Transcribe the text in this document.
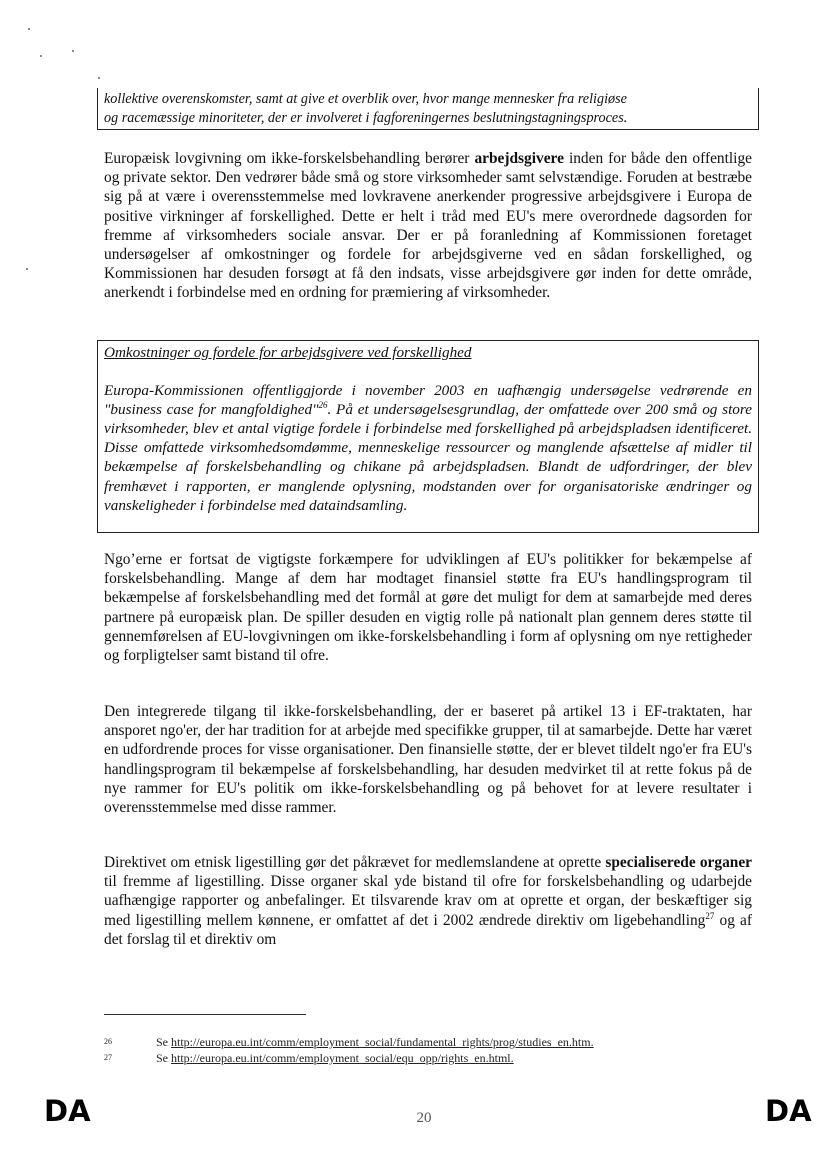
kollektive overenskomster, samt at give et overblik over, hvor mange mennesker fra religiøse
og racemæssige minoriteter, der er involveret i fagforeningernes beslutningstagningsproces.

Europæisk lovgivning om ikke-forskelsbehandling berører arbejdsgivere inden for både den offentlige og private sektor. Den vedrører både små og store virksomheder samt selvstændige. Foruden at bestræbe sig på at være i overensstemmelse med lovkravene anerkender progressive arbejdsgivere i Europa de positive virkninger af forskellighed. Dette er helt i tråd med EU's mere overordnede dagsorden for fremme af virksomheders sociale ansvar. Der er på foranledning af Kommissionen foretaget undersøgelser af omkostninger og fordele for arbejdsgiverne ved en sådan forskellighed, og Kommissionen har desuden forsøgt at få den indsats, visse arbejdsgivere gør inden for dette område, anerkendt i forbindelse med en ordning for præmiering af virksomheder.

Omkostninger og fordele for arbejdsgivere ved forskellighed
Europa-Kommissionen offentliggjorde i november 2003 en uafhængig undersøgelse vedrørende en "business case for mangfoldighed"$^{26}$. På et undersøgelsesgrundlag, der omfattede over 200 små og store virksomheder, blev et antal vigtige fordele i forbindelse med forskellighed på arbejdspladsen identificeret. Disse omfattede virksomhedsomdømme, menneskelige ressourcer og manglende afsættelse af midler til bekæmpelse af forskelsbehandling og chikane på arbejdspladsen. Blandt de udfordringer, der blev fremhævet i rapporten, er manglende oplysning, modstanden over for organisatoriske ændringer og vanskeligheder i forbindelse med dataindsamling.

Ngo’erne er fortsat de vigtigste forkæmpere for udviklingen af EU's politikker for bekæmpelse af forskelsbehandling. Mange af dem har modtaget finansiel støtte fra EU's handlingsprogram til bekæmpelse af forskelsbehandling med det formål at gøre det muligt for dem at samarbejde med deres partnere på europæisk plan. De spiller desuden en vigtig rolle på nationalt plan gennem deres støtte til gennemførelsen af EU-lovgivningen om ikke-forskelsbehandling i form af oplysning om nye rettigheder og forpligtelser samt bistand til ofre.

Den integrerede tilgang til ikke-forskelsbehandling, der er baseret på artikel 13 i EF-traktaten, har ansporet ngo'er, der har tradition for at arbejde med specifikke grupper, til at samarbejde. Dette har været en udfordrende proces for visse organisationer. Den finansielle støtte, der er blevet tildelt ngo'er fra EU's handlingsprogram til bekæmpelse af forskelsbehandling, har desuden medvirket til at rette fokus på de nye rammer for EU's politik om ikke-forskelsbehandling og på behovet for at levere resultater i overensstemmelse med disse rammer.

Direktivet om etnisk ligestilling gør det påkrævet for medlemslandene at oprette specialiserede organer til fremme af ligestilling. Disse organer skal yde bistand til ofre for forskelsbehandling og udarbejde uafhængige rapporter og anbefalinger. Et tilsvarende krav om at oprette et organ, der beskæftiger sig med ligestilling mellem kønnene, er omfattet af det i 2002 ændrede direktiv om ligebehandling$^{27}$ og af det forslag til et direktiv om

26	Se http://europa.eu.int/comm/employment_social/fundamental_rights/prog/studies_en.htm.
27	Se http://europa.eu.int/comm/employment_social/equ_opp/rights_en.html.
DA	20	DA
